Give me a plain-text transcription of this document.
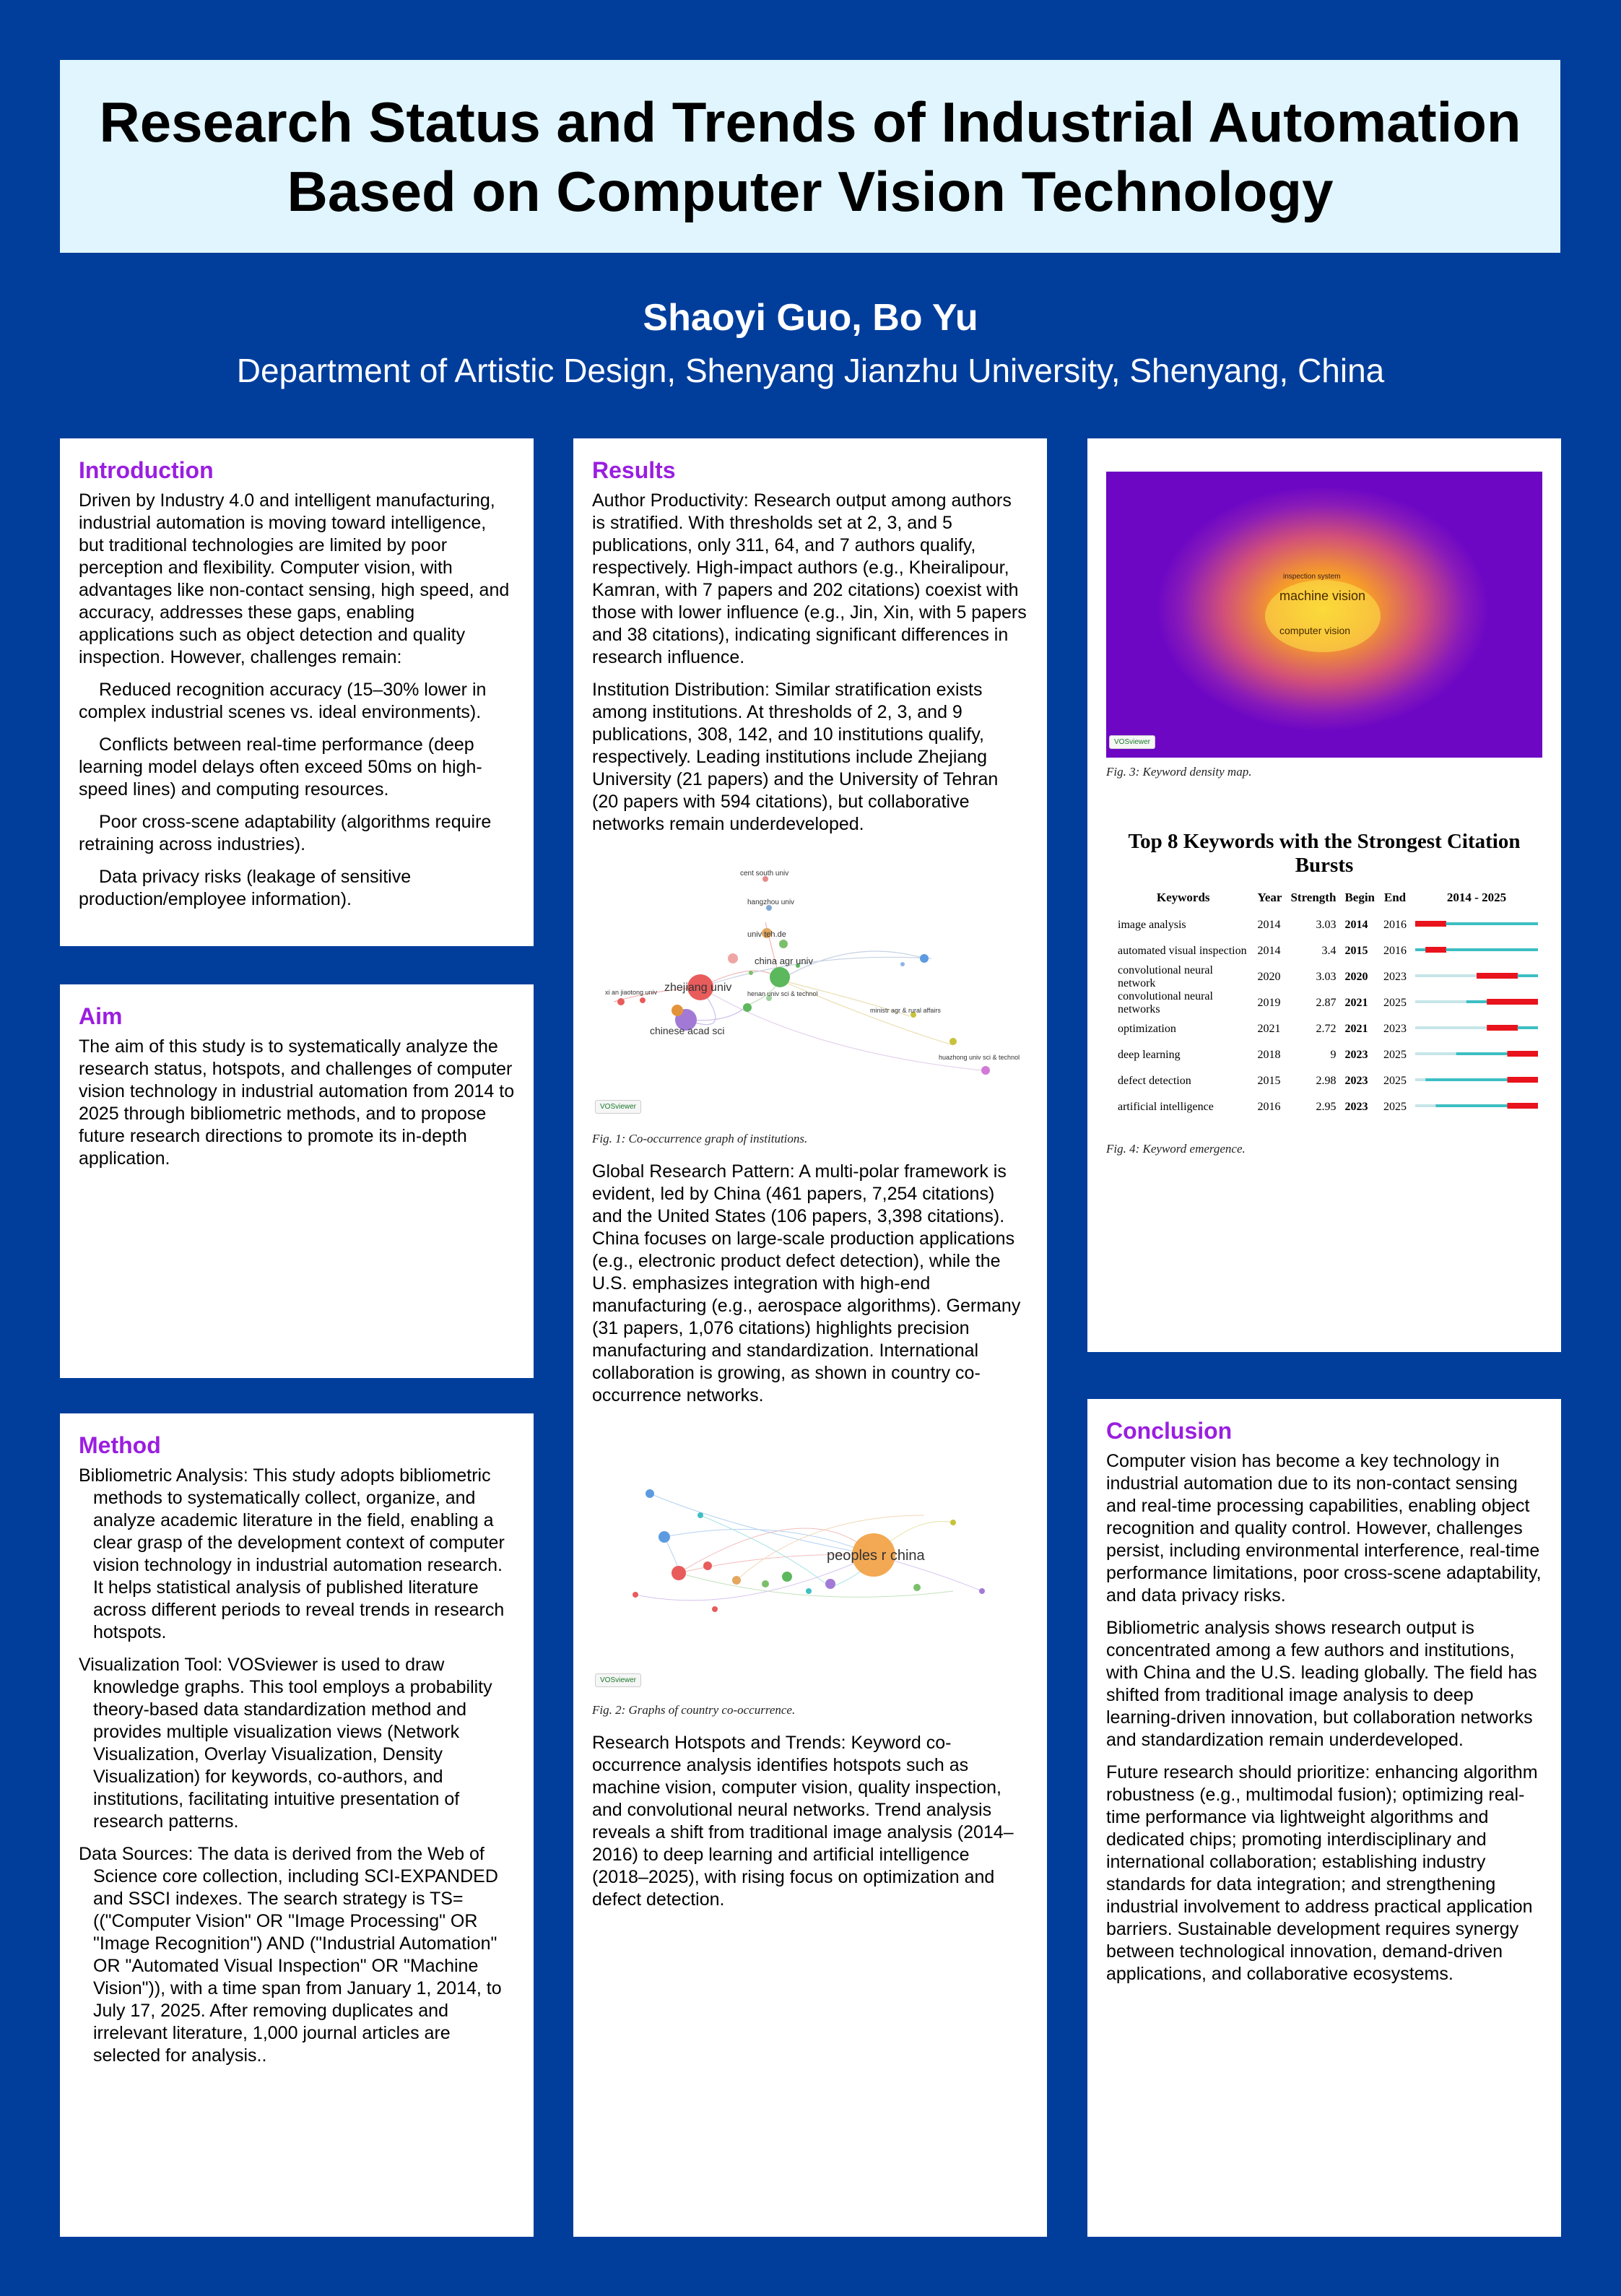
Research Status and Trends of Industrial Automation Based on Computer Vision Technology
Shaoyi Guo, Bo Yu
Department of Artistic Design, Shenyang Jianzhu University, Shenyang, China
Introduction

Driven by Industry 4.0 and intelligent manufacturing, industrial automation is moving toward intelligence, but traditional technologies are limited by poor perception and flexibility. Computer vision, with advantages like non-contact sensing, high speed, and accuracy, addresses these gaps, enabling applications such as object detection and quality inspection. However, challenges remain:

Reduced recognition accuracy (15–30% lower in complex industrial scenes vs. ideal environments).

Conflicts between real-time performance (deep learning model delays often exceed 50ms on high-speed lines) and computing resources.

Poor cross-scene adaptability (algorithms require retraining across industries).

Data privacy risks (leakage of sensitive production/employee information).

Aim

The aim of this study is to systematically analyze the research status, hotspots, and challenges of computer vision technology in industrial automation from 2014 to 2025 through bibliometric methods, and to propose future research directions to promote its in-depth application.

Method

Bibliometric Analysis: This study adopts bibliometric methods to systematically collect, organize, and analyze academic literature in the field, enabling a clear grasp of the development context of computer vision technology in industrial automation research. It helps statistical analysis of published literature across different periods to reveal trends in research hotspots.

Visualization Tool: VOSviewer is used to draw knowledge graphs. This tool employs a probability theory-based data standardization method and provides multiple visualization views (Network Visualization, Overlay Visualization, Density Visualization) for keywords, co-authors, and institutions, facilitating intuitive presentation of research patterns.

Data Sources: The data is derived from the Web of Science core collection, including SCI-EXPANDED and SSCI indexes. The search strategy is TS=(("Computer Vision" OR "Image Processing" OR "Image Recognition") AND ("Industrial Automation" OR "Automated Visual Inspection" OR "Machine Vision")), with a time span from January 1, 2014, to July 17, 2025. After removing duplicates and irrelevant literature, 1,000 journal articles are selected for analysis..

Results

Author Productivity: Research output among authors is stratified. With thresholds set at 2, 3, and 5 publications, only 311, 64, and 7 authors qualify, respectively. High-impact authors (e.g., Kheiralipour, Kamran, with 7 papers and 202 citations) coexist with those with lower influence (e.g., Jin, Xin, with 5 papers and 38 citations), indicating significant differences in research influence.

Institution Distribution: Similar stratification exists among institutions. At thresholds of 2, 3, and 9 publications, 308, 142, and 10 institutions qualify, respectively. Leading institutions include Zhejiang University (21 papers) and the University of Tehran (20 papers with 594 citations), but collaborative networks remain underdeveloped.

cent south univ
hangzhou univ
univ teh.de
china agr univ
zhejiang univ
chinese acad sci
henan univ sci & technol
xi an jiaotong univ
ministr agr & rural affairs
huazhong univ sci & technol
VOSviewer
Fig. 1: Co-occurrence graph of institutions.

Global Research Pattern: A multi-polar framework is evident, led by China (461 papers, 7,254 citations) and the United States (106 papers, 3,398 citations). China focuses on large-scale production applications (e.g., electronic product defect detection), while the U.S. emphasizes integration with high-end manufacturing (e.g., aerospace algorithms). Germany (31 papers, 1,076 citations) highlights precision manufacturing and standardization. International collaboration is growing, as shown in country co-occurrence networks.

peoples r china
VOSviewer
Fig. 2: Graphs of country co-occurrence.

Research Hotspots and Trends: Keyword co-occurrence analysis identifies hotspots such as machine vision, computer vision, quality inspection, and convolutional neural networks. Trend analysis reveals a shift from traditional image analysis (2014–2016) to deep learning and artificial intelligence (2018–2025), with rising focus on optimization and defect detection.

machine vision
computer vision
inspection system
VOSviewer
Fig. 3: Keyword density map.
Top 8 Keywords with the Strongest Citation Bursts
Keywords	Year	Strength	Begin	End	2014 - 2025
image analysis	2014	3.03	2014	2016	
automated visual inspection	2014	3.4	2015	2016	
convolutional neural network	2020	3.03	2020	2023	
convolutional neural networks	2019	2.87	2021	2025	
optimization	2021	2.72	2021	2023	
deep learning	2018	9	2023	2025	
defect detection	2015	2.98	2023	2025	
artificial intelligence	2016	2.95	2023	2025	
Fig. 4: Keyword emergence.
Conclusion

Computer vision has become a key technology in industrial automation due to its non-contact sensing and real-time processing capabilities, enabling object recognition and quality control. However, challenges persist, including environmental interference, real-time performance limitations, poor cross-scene adaptability, and data privacy risks.

Bibliometric analysis shows research output is concentrated among a few authors and institutions, with China and the U.S. leading globally. The field has shifted from traditional image analysis to deep learning-driven innovation, but collaboration networks and standardization remain underdeveloped.

Future research should prioritize: enhancing algorithm robustness (e.g., multimodal fusion); optimizing real-time performance via lightweight algorithms and dedicated chips; promoting interdisciplinary and international collaboration; establishing industry standards for data integration; and strengthening industrial involvement to address practical application barriers. Sustainable development requires synergy between technological innovation, demand-driven applications, and collaborative ecosystems.
